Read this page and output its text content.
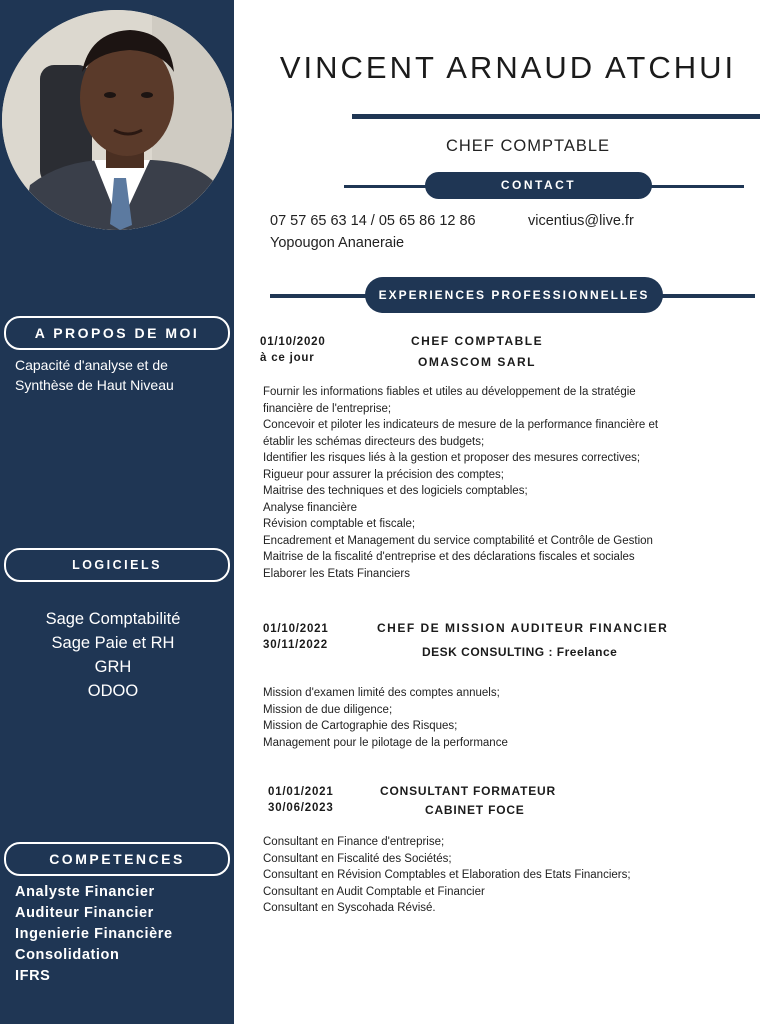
A PROPOS DE MOI
Capacité d'analyse et de
Synthèse de Haut Niveau
LOGICIELS
Sage Comptabilité
Sage Paie et RH
GRH
ODOO
COMPETENCES
Analyste Financier
Auditeur Financier
Ingenierie Financière
Consolidation
IFRS
VINCENT ARNAUD ATCHUI
CHEF COMPTABLE
CONTACT
07 57 65 63 14 / 05 65 86 12 86	vicentius@live.fr
Yopougon Ananeraie
EXPERIENCES PROFESSIONNELLES
01/10/2020
à ce jour
CHEF COMPTABLE
OMASCOM SARL
Fournir les informations fiables et utiles au développement de la stratégie
financière de l'entreprise;
Concevoir et piloter les indicateurs de mesure de la performance financière et
établir les schémas directeurs des budgets;
Identifier les risques liés à la gestion et proposer des mesures correctives;
Rigueur pour assurer la précision des comptes;
Maitrise des techniques et des logiciels comptables;
Analyse financière
Révision comptable et fiscale;
Encadrement et Management du service comptabilité et Contrôle de Gestion
Maitrise de la fiscalité d'entreprise et des déclarations fiscales et sociales
Elaborer les Etats Financiers
01/10/2021
30/11/2022
CHEF DE MISSION AUDITEUR FINANCIER
DESK CONSULTING : Freelance
Mission d'examen limité des comptes annuels;
Mission de due diligence;
Mission de Cartographie des Risques;
Management pour le pilotage de la performance
01/01/2021
30/06/2023
CONSULTANT FORMATEUR
CABINET FOCE
Consultant en Finance d'entreprise;
Consultant en Fiscalité des Sociétés;
Consultant en Révision Comptables et Elaboration des Etats Financiers;
Consultant en Audit Comptable et Financier
Consultant en Syscohada Révisé.
